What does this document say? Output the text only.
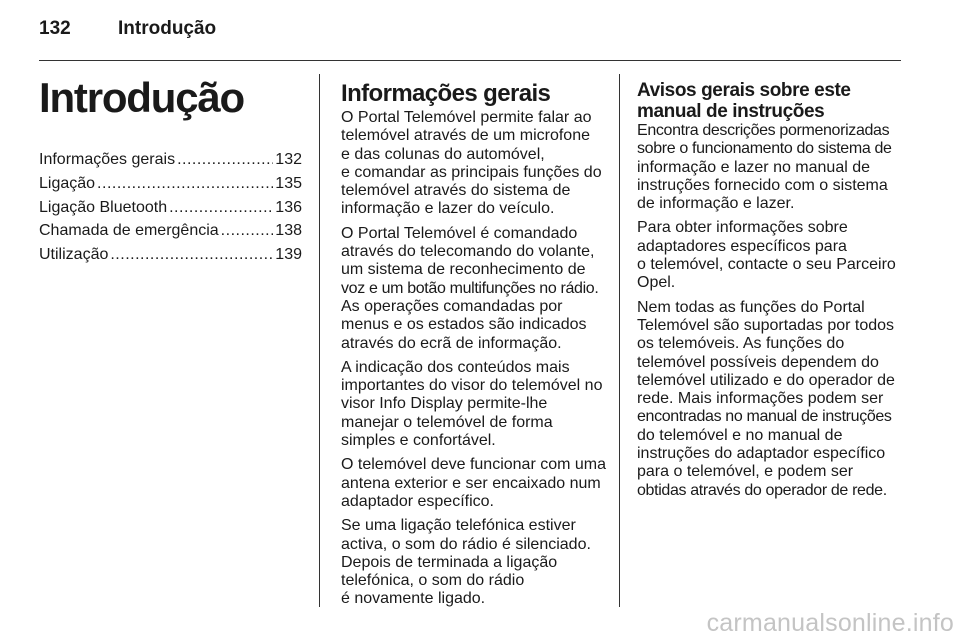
132 Introdução
Introdução
Informações gerais .....	132
Ligação .....	135
Ligação Bluetooth .....	136
Chamada de emergência .....	138
Utilização .....	139
Informações gerais

O Portal Telemóvel permite falar ao
telemóvel através de um microfone
e das colunas do automóvel,
e comandar as principais funções do
telemóvel através do sistema de
informação e lazer do veículo.

O Portal Telemóvel é comandado
através do telecomando do volante,
um sistema de reconhecimento de
voz e um botão multifunções no rádio.
As operações comandadas por
menus e os estados são indicados
através do ecrã de informação.

A indicação dos conteúdos mais
importantes do visor do telemóvel no
visor Info Display permite-lhe
manejar o telemóvel de forma
simples e confortável.

O telemóvel deve funcionar com uma
antena exterior e ser encaixado num
adaptador específico.

Se uma ligação telefónica estiver
activa, o som do rádio é silenciado.
Depois de terminada a ligação
telefónica, o som do rádio
é novamente ligado.

Avisos gerais sobre este
manual de instruções

Encontra descrições pormenorizadas
sobre o funcionamento do sistema de
informação e lazer no manual de
instruções fornecido com o sistema
de informação e lazer.

Para obter informações sobre
adaptadores específicos para
o telemóvel, contacte o seu Parceiro
Opel.

Nem todas as funções do Portal
Telemóvel são suportadas por todos
os telemóveis. As funções do
telemóvel possíveis dependem do
telemóvel utilizado e do operador de
rede. Mais informações podem ser
encontradas no manual de instruções
do telemóvel e no manual de
instruções do adaptador específico
para o telemóvel, e podem ser
obtidas através do operador de rede.

carmanualsonline.info
